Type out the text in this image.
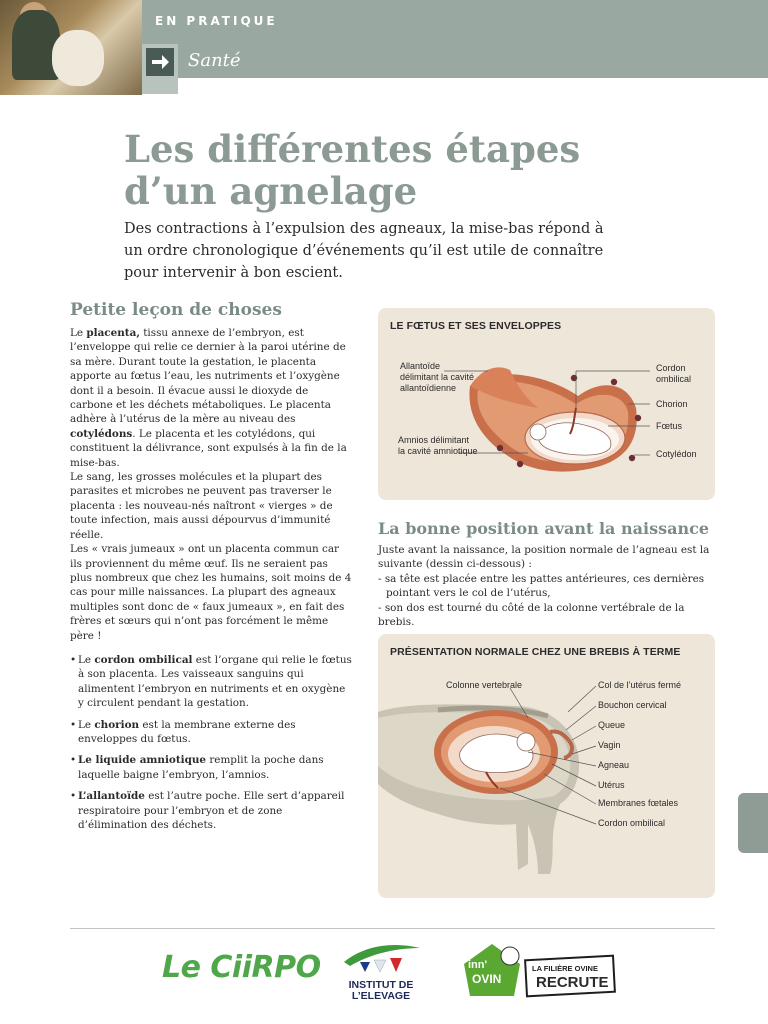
EN PRATIQUE
Santé
Les différentes étapes
d’un agnelage

Des contractions à l’expulsion des agneaux, la mise-bas répond à un ordre chronologique d’événements qu’il est utile de connaître pour intervenir à bon escient.

Petite leçon de choses

Le placenta, tissu annexe de l’embryon, est l’enveloppe qui relie ce dernier à la paroi utérine de sa mère. Durant toute la gestation, le placenta apporte au fœtus l’eau, les nutriments et l’oxygène dont il a besoin. Il évacue aussi le dioxyde de carbone et les déchets métaboliques. Le placenta adhère à l’utérus de la mère au niveau des cotylédons. Le placenta et les cotylédons, qui constituent la délivrance, sont expulsés à la fin de la mise-bas.

Le sang, les grosses molécules et la plupart des parasites et microbes ne peuvent pas traverser le placenta : les nouveau-nés naîtront « vierges » de toute infection, mais aussi dépourvus d’immunité réelle.

Les « vrais jumeaux » ont un placenta commun car ils proviennent du même œuf. Ils ne seraient pas plus nombreux que chez les humains, soit moins de 4 cas pour mille naissances. La plupart des agneaux multiples sont donc de « faux jumeaux », en fait des frères et sœurs qui n’ont pas forcément le même père !

• Le cordon ombilical est l’organe qui relie le fœtus à son placenta. Les vaisseaux sanguins qui alimentent l’embryon en nutriments et en oxygène y circulent pendant la gestation.
• Le chorion est la membrane externe des enveloppes du fœtus.
• Le liquide amniotique remplit la poche dans laquelle baigne l’embryon, l’amnios.
• L’allantoïde est l’autre poche. Elle sert d’appareil respiratoire pour l’embryon et de zone d’élimination des déchets.
LE FŒTUS ET SES ENVELOPPES
Allantoïde
délimitant la cavité
allantoïdienne
Amnios délimitant
la cavité amniotique
Cordon
ombilical
Chorion
Fœtus
Cotylédon
La bonne position avant la naissance
Juste avant la naissance, la position normale de l’agneau est la
suivante (dessin ci-dessous) :
- sa tête est placée entre les pattes antérieures, ces dernières
pointant vers le col de l’utérus,
- son dos est tourné du côté de la colonne vertébrale de la brebis.
PRÉSENTATION NORMALE CHEZ UNE BREBIS À TERME
Colonne vertebrale	Col de l’utérus fermé
Bouchon cervical
Queue
Vagin
Agneau
Utérus
Membranes fœtales
Cordon ombilical
Le CiiRPO	INSTITUT DE
L’ELEVAGE
inn'
OVIN
LA FILIÈRE OVINE
RECRUTE
